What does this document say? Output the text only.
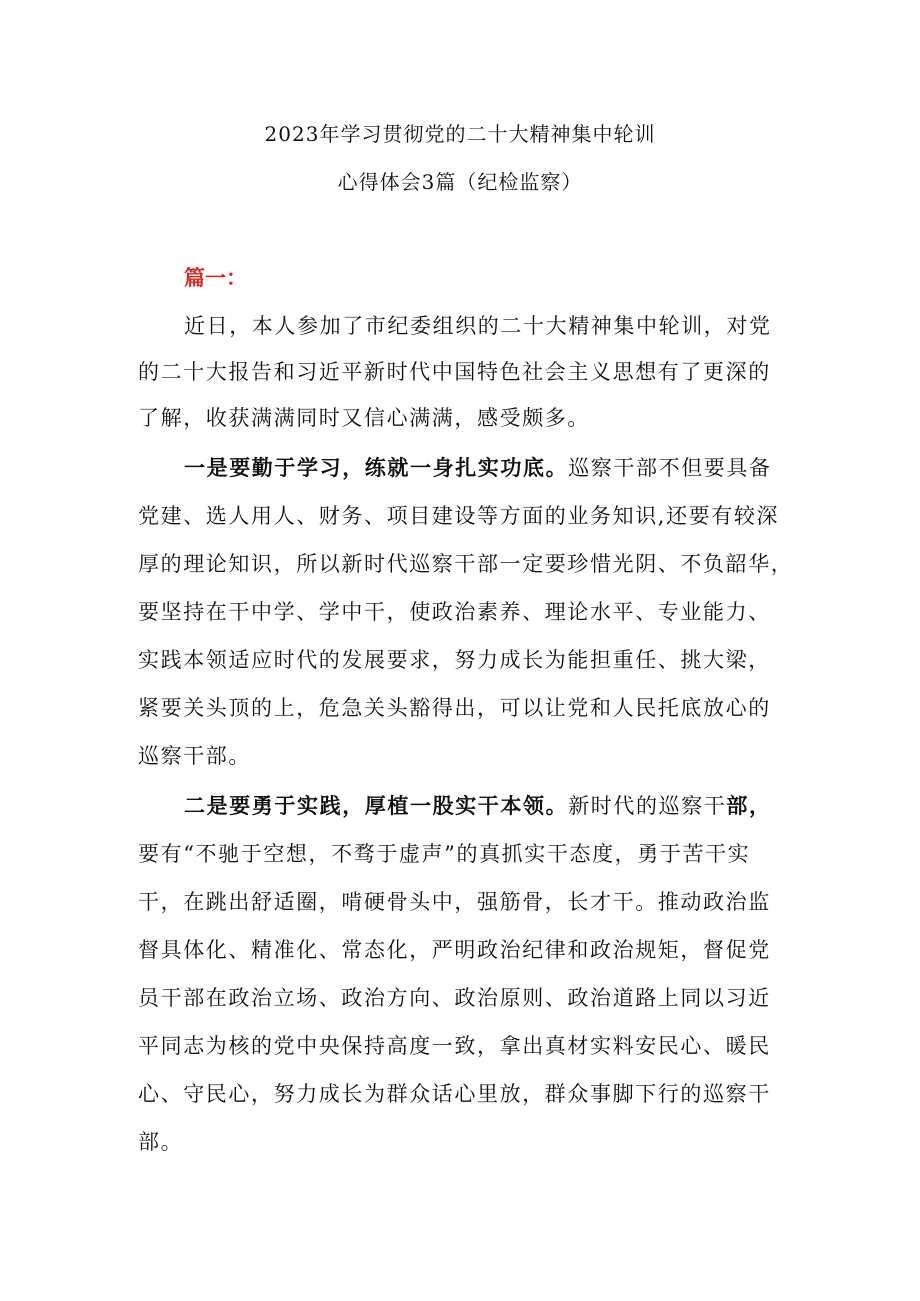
2023年学习贯彻党的二十大精神集中轮训
心得体会3篇（纪检监察）
篇一：
近日，本人参加了市纪委组织的二十大精神集中轮训，对党
的二十大报告和习近平新时代中国特色社会主义思想有了更深的
了解，收获满满同时又信心满满，感受颇多。
一是要勤于学习，练就一身扎实功底。巡察干部不但要具备
党建、选人用人、财务、项目建设等方面的业务知识,还要有较深
厚的理论知识，所以新时代巡察干部一定要珍惜光阴、不负韶华，
要坚持在干中学、学中干，使政治素养、理论水平、专业能力、
实践本领适应时代的发展要求，努力成长为能担重任、挑大梁，
紧要关头顶的上，危急关头豁得出，可以让党和人民托底放心的
巡察干部。
二是要勇于实践，厚植一股实干本领。新时代的巡察干部，
要有“不驰于空想，不骛于虚声”的真抓实干态度，勇于苦干实
干，在跳出舒适圈，啃硬骨头中，强筋骨，长才干。推动政治监
督具体化、精准化、常态化，严明政治纪律和政治规矩，督促党
员干部在政治立场、政治方向、政治原则、政治道路上同以习近
平同志为核的党中央保持高度一致，拿出真材实料安民心、暖民
心、守民心，努力成长为群众话心里放，群众事脚下行的巡察干
部。
